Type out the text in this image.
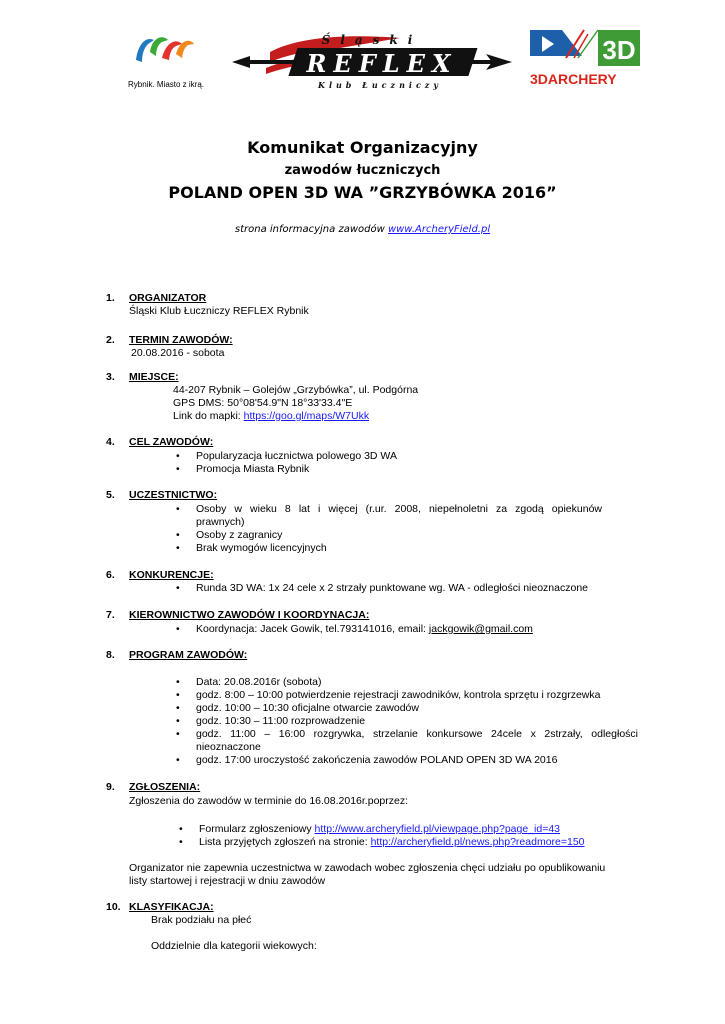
Rybnik. Miasto z ikrą.
Śląski
REFLEX
Klub Łuczniczy
3D
3DARCHERY
Komunikat Organizacyjny
zawodów łuczniczych
POLAND OPEN 3D WA ”GRZYBÓWKA 2016”
strona informacyjna zawodów www.ArcheryField.pl
1. ORGANIZATOR
Śląski Klub Łuczniczy REFLEX Rybnik
2. TERMIN ZAWODÓW:
20.08.2016 - sobota
3. MIEJSCE:
44-207 Rybnik – Golejów „Grzybówka”, ul. Podgórna
GPS DMS: 50°08'54.9"N 18°33'33.4"E
Link do mapki: https://goo.gl/maps/W7Ukk
4. CEL ZAWODÓW:
• Popularyzacja łucznictwa polowego 3D WA
• Promocja Miasta Rybnik
5. UCZESTNICTWO:
• Osoby w wieku 8 lat i więcej (r.ur. 2008, niepełnoletni za zgodą opiekunów
prawnych)
• Osoby z zagranicy
• Brak wymogów licencyjnych
6. KONKURENCJE:
• Runda 3D WA: 1x 24 cele x 2 strzały punktowane wg. WA - odległości nieoznaczone
7. KIEROWNICTWO ZAWODÓW I KOORDYNACJA:
• Koordynacja: Jacek Gowik, tel.793141016, email: jackgowik@gmail.com
8. PROGRAM ZAWODÓW:
• Data: 20.08.2016r (sobota)
• godz. 8:00 – 10:00 potwierdzenie rejestracji zawodników, kontrola sprzętu i rozgrzewka
• godz. 10:00 – 10:30 oficjalne otwarcie zawodów
• godz. 10:30 – 11:00 rozprowadzenie
• godz. 11:00 – 16:00 rozgrywka, strzelanie konkursowe 24cele x 2strzały, odległości
nieoznaczone
• godz. 17:00 uroczystość zakończenia zawodów POLAND OPEN 3D WA 2016
9. ZGŁOSZENIA:
Zgłoszenia do zawodów w terminie do 16.08.2016r.poprzez:
• Formularz zgłoszeniowy http://www.archeryfield.pl/viewpage.php?page_id=43
• Lista przyjętych zgłoszeń na stronie: http://archeryfield.pl/news.php?readmore=150
Organizator nie zapewnia uczestnictwa w zawodach wobec zgłoszenia chęci udziału po opublikowaniu
listy startowej i rejestracji w dniu zawodów
10. KLASYFIKACJA:
Brak podziału na płeć
Oddzielnie dla kategorii wiekowych:
